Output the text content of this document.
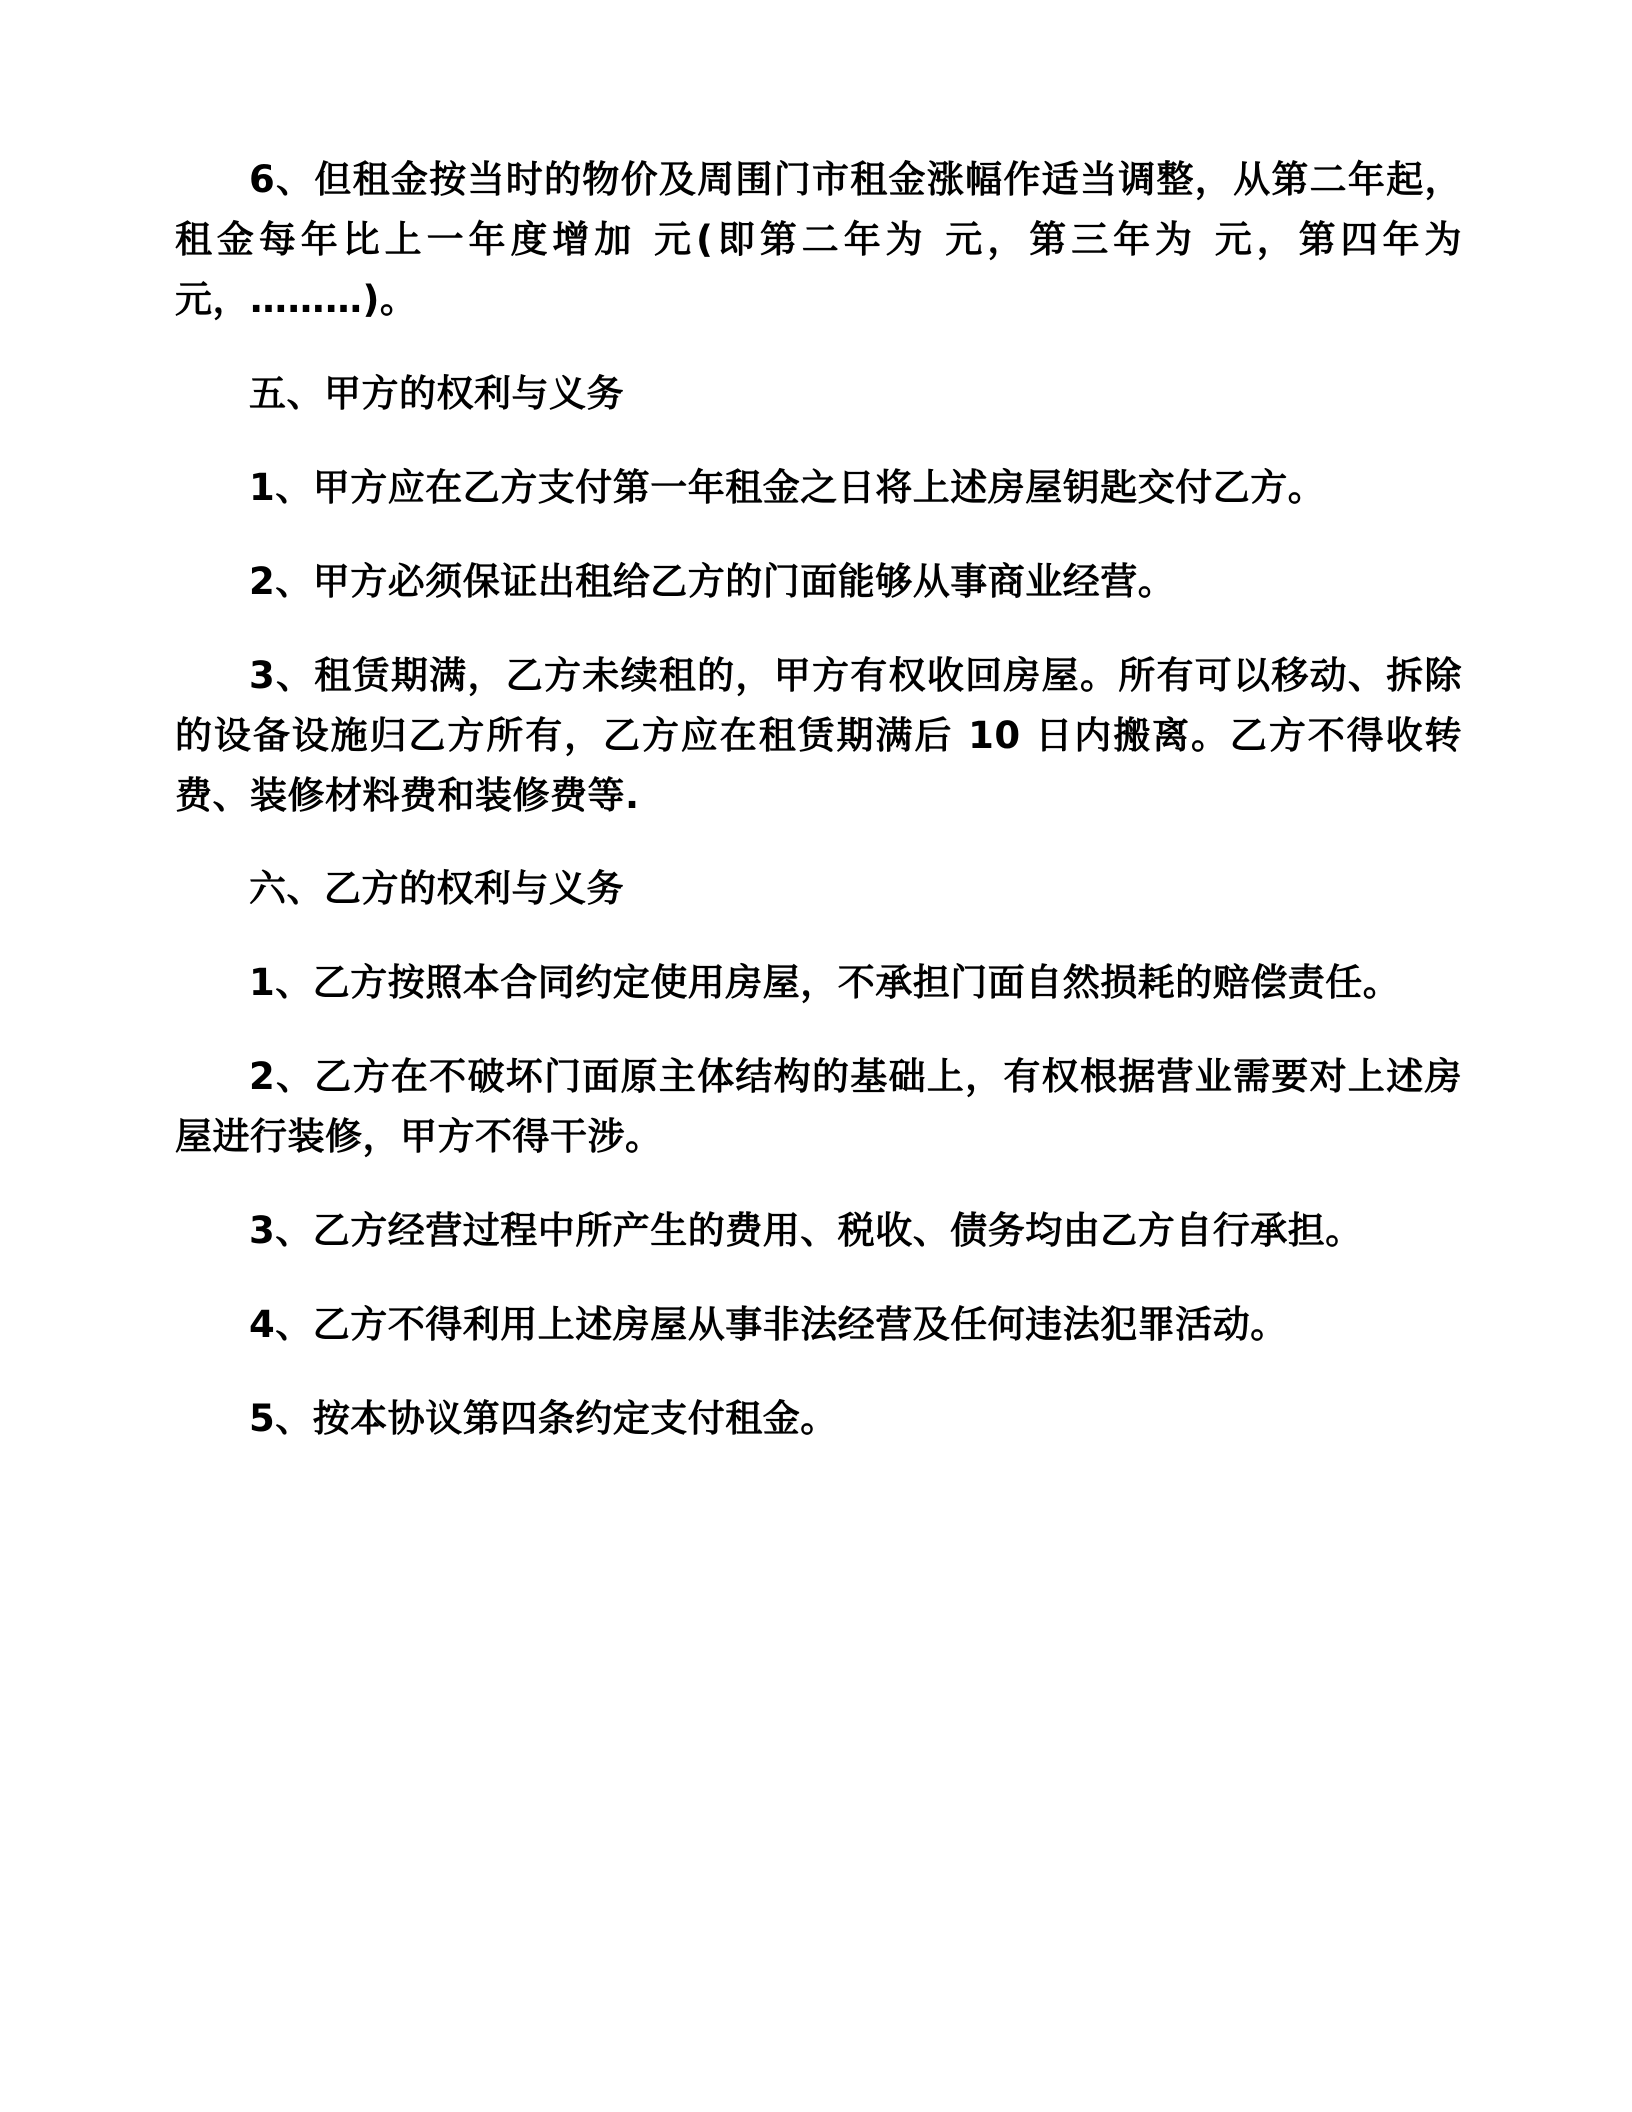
6、但租金按当时的物价及周围门市租金涨幅作适当调整，从第二年起，租金每年比上一年度增加 元(即第二年为 元，第三年为 元，第四年为 元，………)。

五、甲方的权利与义务

1、甲方应在乙方支付第一年租金之日将上述房屋钥匙交付乙方。

2、甲方必须保证出租给乙方的门面能够从事商业经营。

3、租赁期满，乙方未续租的，甲方有权收回房屋。所有可以移动、拆除的设备设施归乙方所有，乙方应在租赁期满后 10 日内搬离。乙方不得收转费、装修材料费和装修费等.

六、乙方的权利与义务

1、乙方按照本合同约定使用房屋，不承担门面自然损耗的赔偿责任。

2、乙方在不破坏门面原主体结构的基础上，有权根据营业需要对上述房屋进行装修，甲方不得干涉。

3、乙方经营过程中所产生的费用、税收、债务均由乙方自行承担。

4、乙方不得利用上述房屋从事非法经营及任何违法犯罪活动。

5、按本协议第四条约定支付租金。
